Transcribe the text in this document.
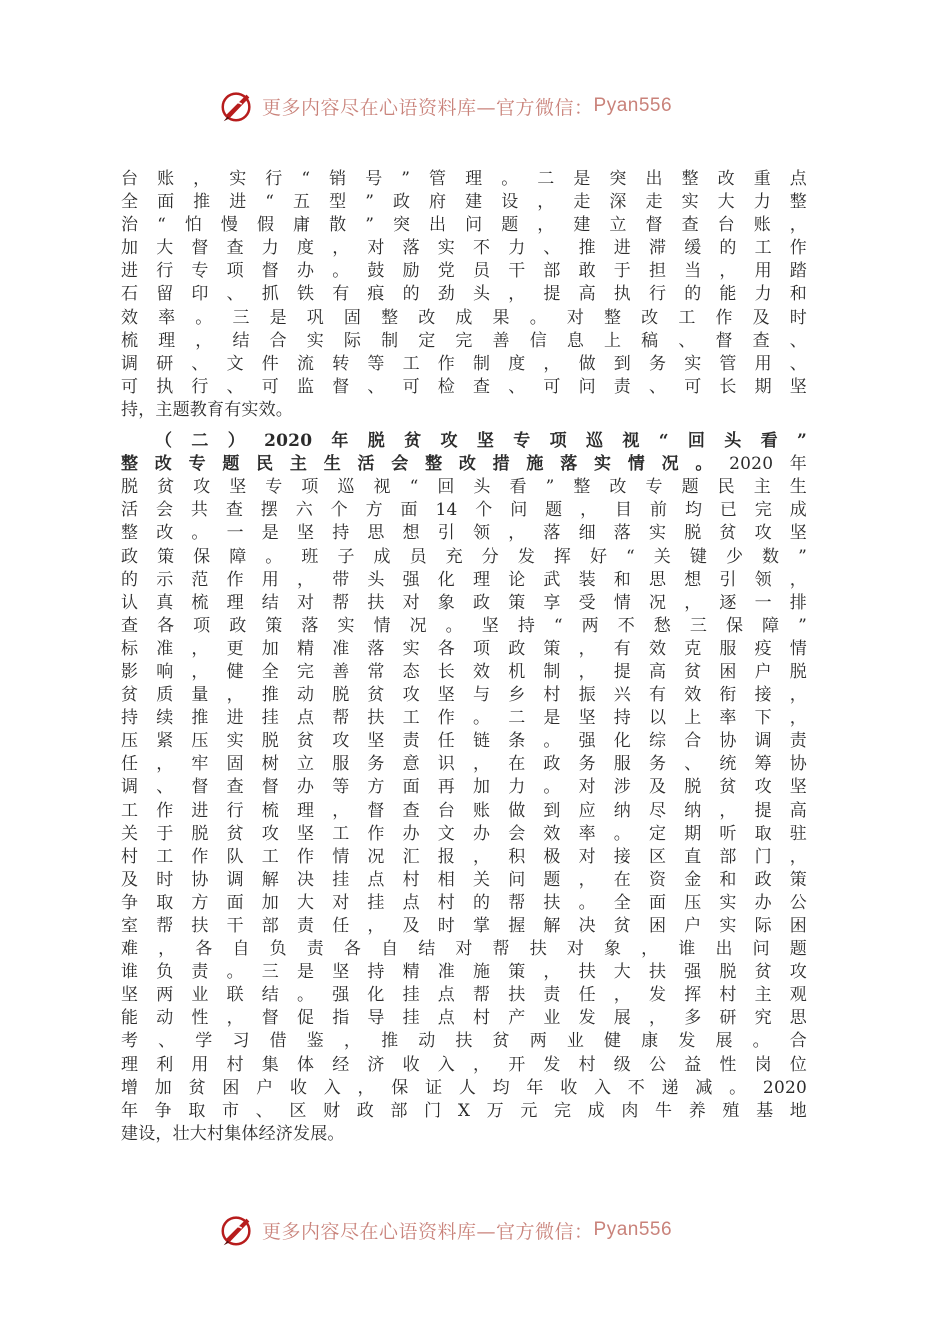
更多内容尽在心语资料库—官方微信： Pyan556

台账，实行“销号”管理。二是突出整改重点

全面推进“五型”政府建设，走深走实大力整

治“怕慢假庸散”突出问题，建立督查台账，

加大督查力度，对落实不力、推进滞缓的工作

进行专项督办。鼓励党员干部敢于担当，用踏

石留印、抓铁有痕的劲头，提高执行的能力和

效率。三是巩固整改成果。对整改工作及时

梳理，结合实际制定完善信息上稿、督查、

调研、文件流转等工作制度，做到务实管用、

可执行、可监督、可检查、可问责、可长期坚

持，主题教育有实效。

（二）2020年脱贫攻坚专项巡视“回头看”

整改专题民主生活会整改措施落实情况。2020年

脱贫攻坚专项巡视“回头看”整改专题民主生

活会共查摆六个方面14个问题，目前均已完成

整改。一是坚持思想引领，落细落实脱贫攻坚

政策保障。班子成员充分发挥好“关键少数”

的示范作用，带头强化理论武装和思想引领，

认真梳理结对帮扶对象政策享受情况，逐一排

查各项政策落实情况。坚持“两不愁三保障”

标准，更加精准落实各项政策，有效克服疫情

影响，健全完善常态长效机制，提高贫困户脱

贫质量，推动脱贫攻坚与乡村振兴有效衔接，

持续推进挂点帮扶工作。二是坚持以上率下，

压紧压实脱贫攻坚责任链条。强化综合协调责

任，牢固树立服务意识，在政务服务、统筹协

调、督查督办等方面再加力。对涉及脱贫攻坚

工作进行梳理，督查台账做到应纳尽纳，提高

关于脱贫攻坚工作办文办会效率。定期听取驻

村工作队工作情况汇报，积极对接区直部门，

及时协调解决挂点村相关问题，在资金和政策

争取方面加大对挂点村的帮扶。全面压实办公

室帮扶干部责任，及时掌握解决贫困户实际困

难，各自负责各自结对帮扶对象，谁出问题

谁负责。三是坚持精准施策，扶大扶强脱贫攻

坚两业联结。强化挂点帮扶责任，发挥村主观

能动性，督促指导挂点村产业发展，多研究思

考、学习借鉴，推动扶贫两业健康发展。合

理利用村集体经济收入，开发村级公益性岗位

增加贫困户收入，保证人均年收入不递减。2020

年争取市、区财政部门X万元完成肉牛养殖基地

建设，壮大村集体经济发展。

更多内容尽在心语资料库—官方微信： Pyan556
